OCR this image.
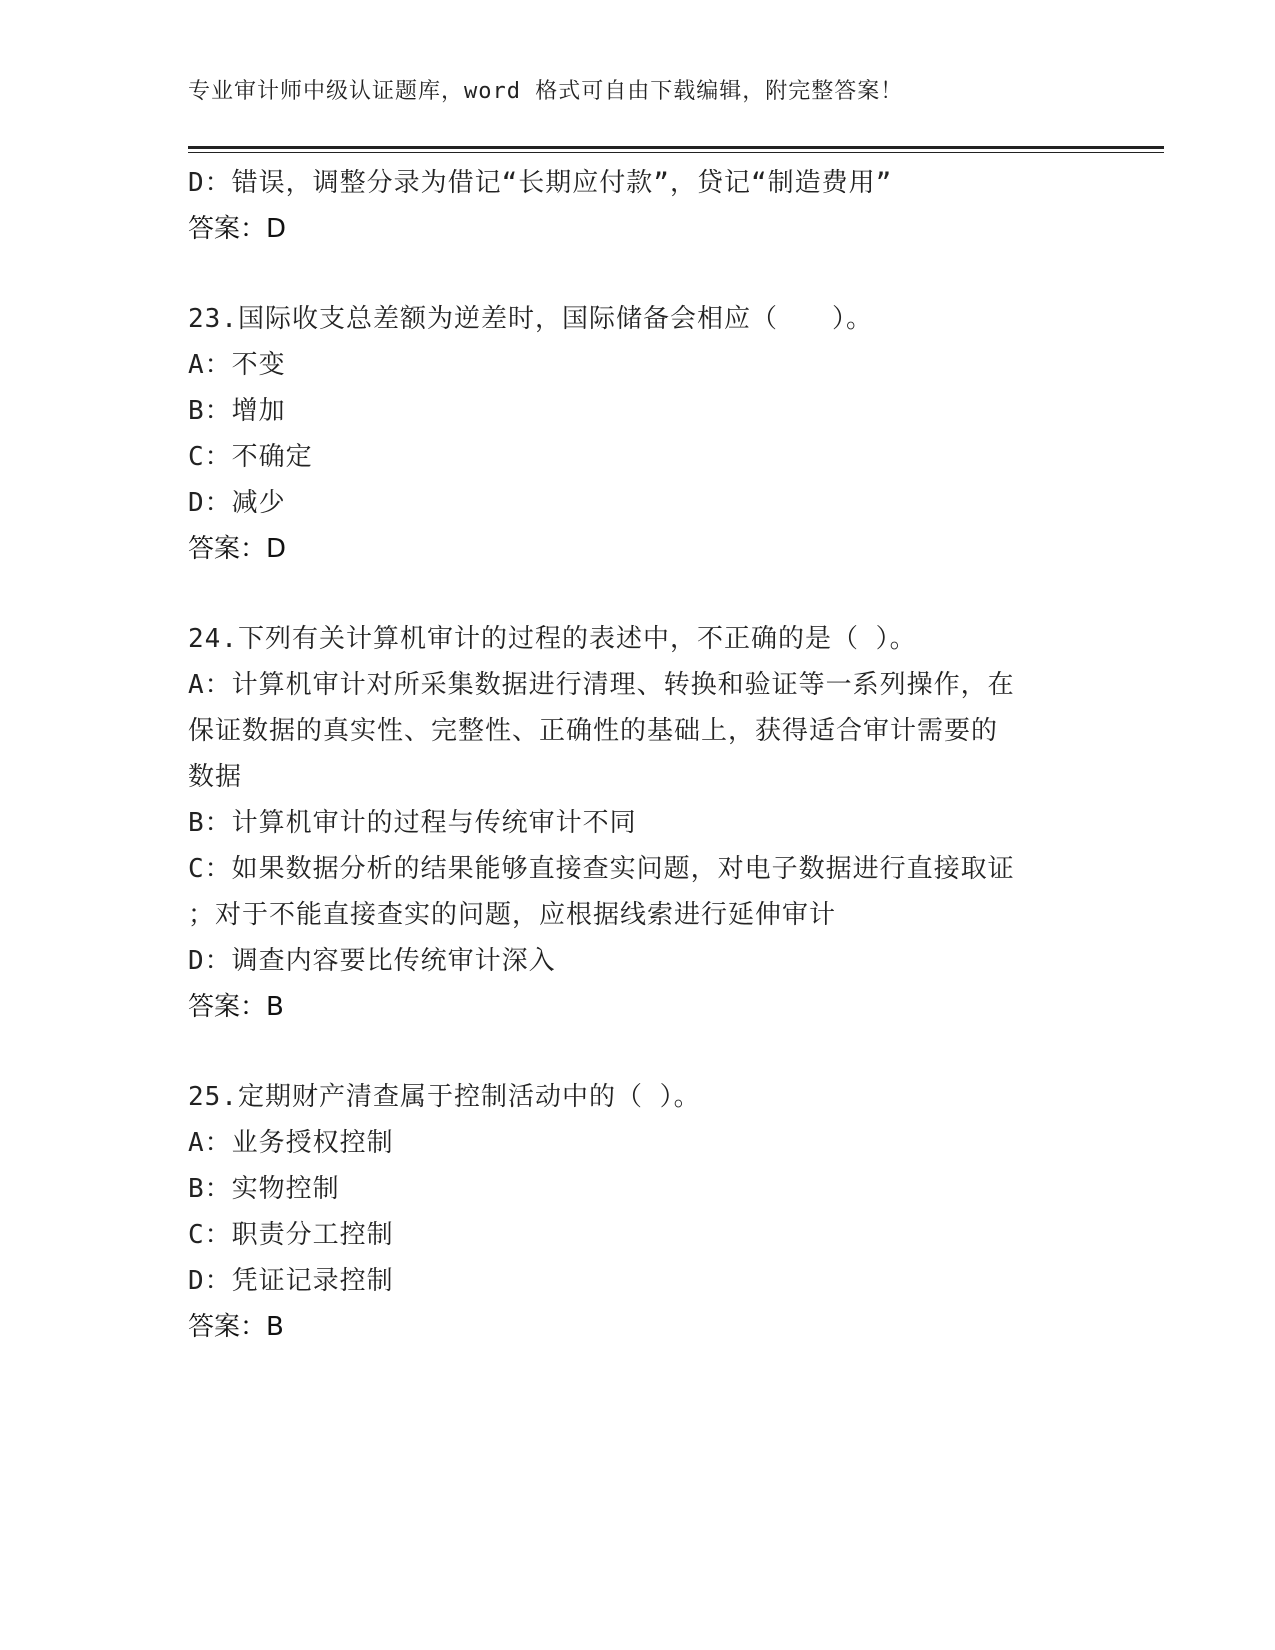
专业审计师中级认证题库，word 格式可自由下载编辑，附完整答案！
D：错误，调整分录为借记“长期应付款”，贷记“制造费用”
答案：D
23.国际收支总差额为逆差时，国际储备会相应（　　）。
A：不变
B：增加
C：不确定
D：减少
答案：D
24.下列有关计算机审计的过程的表述中，不正确的是（ ）。
A：计算机审计对所采集数据进行清理、转换和验证等一系列操作，在
保证数据的真实性、完整性、正确性的基础上，获得适合审计需要的
数据
B：计算机审计的过程与传统审计不同
C：如果数据分析的结果能够直接查实问题，对电子数据进行直接取证
；对于不能直接查实的问题，应根据线索进行延伸审计
D：调查内容要比传统审计深入
答案：B
25.定期财产清查属于控制活动中的（ ）。
A：业务授权控制
B：实物控制
C：职责分工控制
D：凭证记录控制
答案：B
